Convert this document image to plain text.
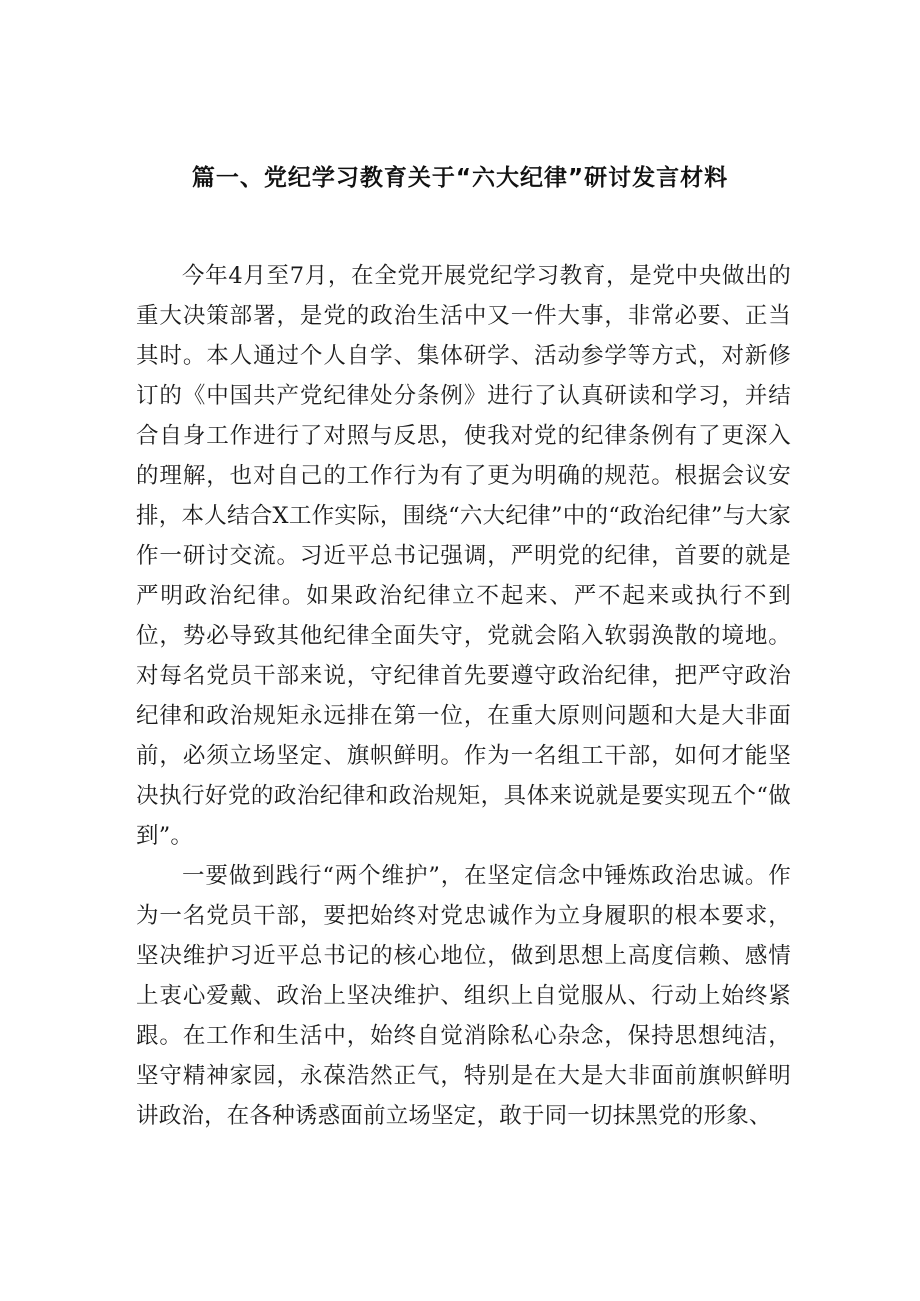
篇一、党纪学习教育关于“六大纪律”研讨发言材料

今年4月至7月，在全党开展党纪学习教育，是党中央做出的重大决策部署，是党的政治生活中又一件大事，非常必要、正当其时。本人通过个人自学、集体研学、活动参学等方式，对新修订的《中国共产党纪律处分条例》进行了认真研读和学习，并结合自身工作进行了对照与反思，使我对党的纪律条例有了更深入的理解，也对自己的工作行为有了更为明确的规范。根据会议安排，本人结合X工作实际，围绕“六大纪律”中的“政治纪律”与大家作一研讨交流。习近平总书记强调，严明党的纪律，首要的就是严明政治纪律。如果政治纪律立不起来、严不起来或执行不到位，势必导致其他纪律全面失守，党就会陷入软弱涣散的境地。对每名党员干部来说，守纪律首先要遵守政治纪律，把严守政治纪律和政治规矩永远排在第一位，在重大原则问题和大是大非面前，必须立场坚定、旗帜鲜明。作为一名组工干部，如何才能坚决执行好党的政治纪律和政治规矩，具体来说就是要实现五个“做到”。

一要做到践行“两个维护”，在坚定信念中锤炼政治忠诚。作为一名党员干部，要把始终对党忠诚作为立身履职的根本要求，坚决维护习近平总书记的核心地位，做到思想上高度信赖、感情上衷心爱戴、政治上坚决维护、组织上自觉服从、行动上始终紧跟。在工作和生活中，始终自觉消除私心杂念，保持思想纯洁，坚守精神家园，永葆浩然正气，特别是在大是大非面前旗帜鲜明讲政治，在各种诱惑面前立场坚定，敢于同一切抹黑党的形象、
